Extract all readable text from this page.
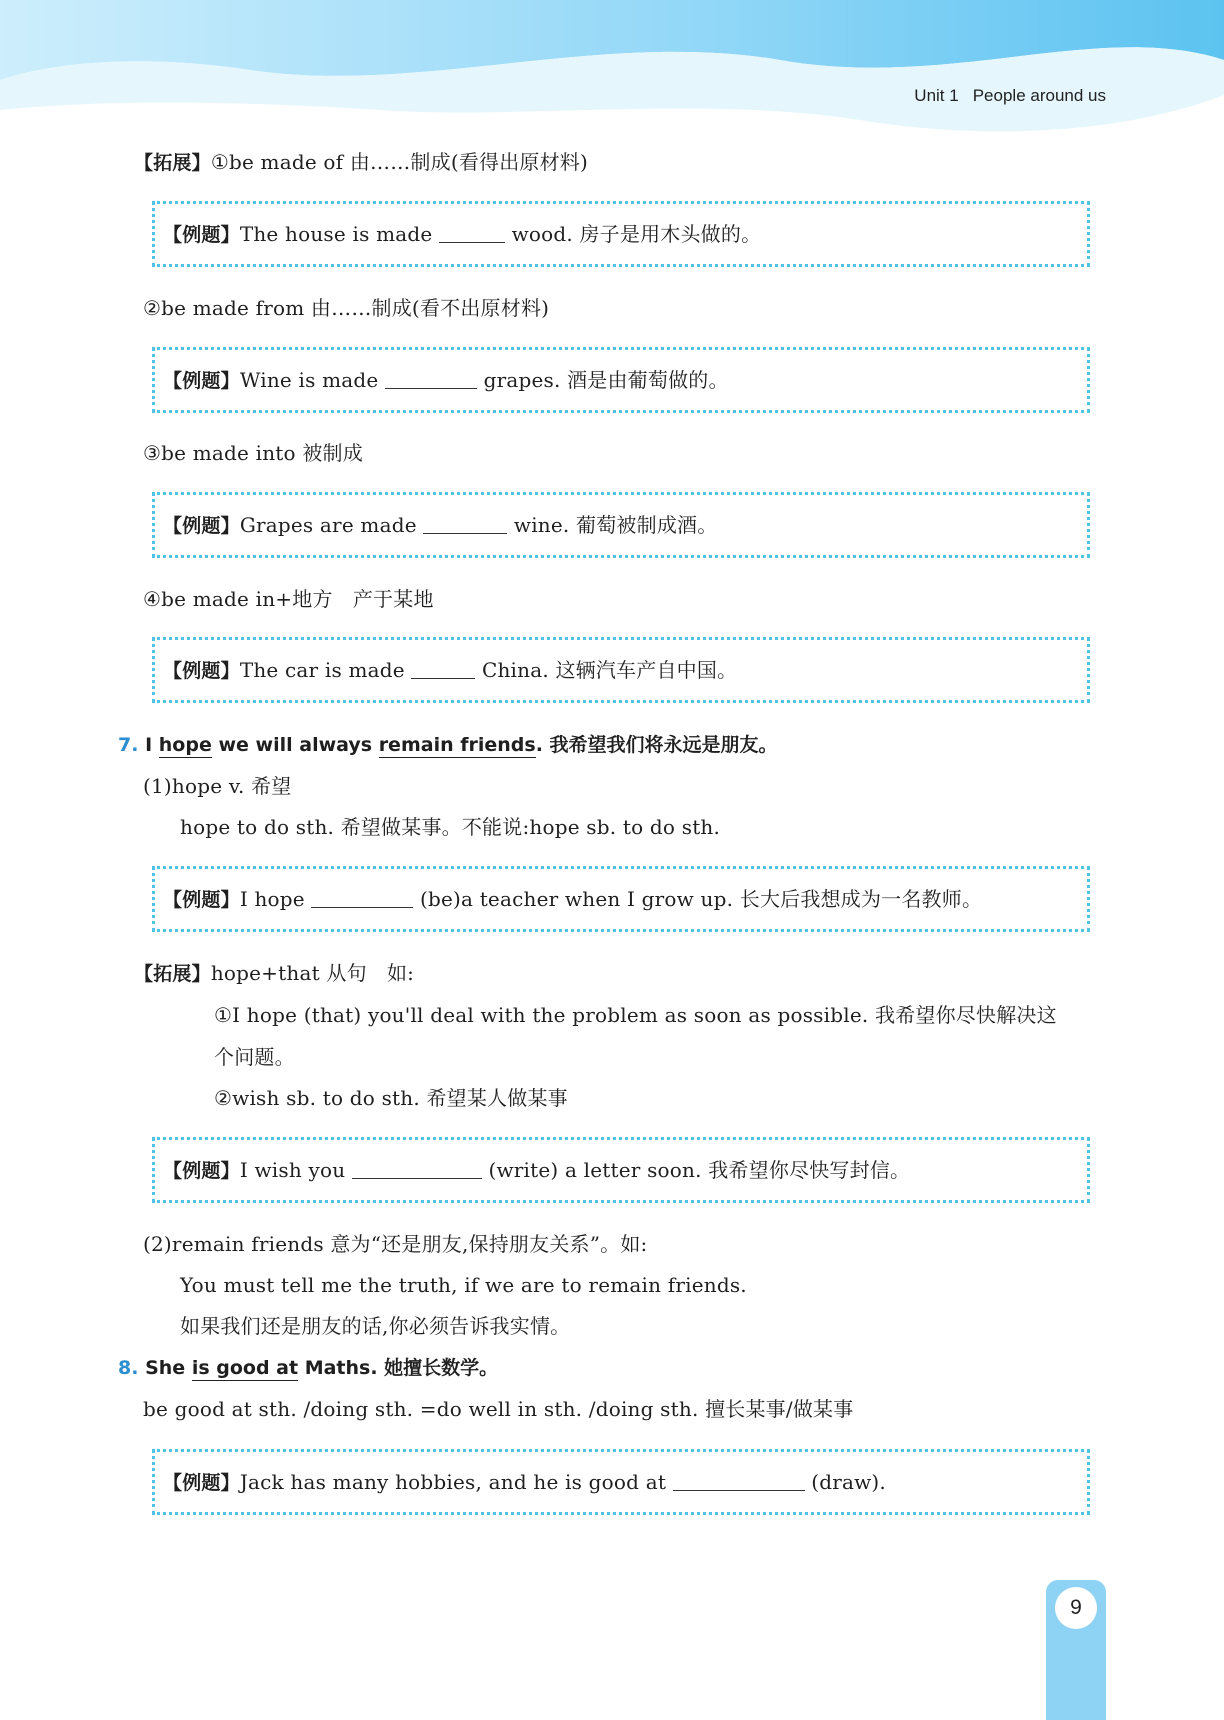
Unit 1 People around us
【拓展】①be made of 由……制成(看得出原材料)
【例题】The house is made	wood. 房子是用木头做的。
②be made from 由……制成(看不出原材料)
【例题】Wine is made	grapes. 酒是由葡萄做的。
③be made into 被制成
【例题】Grapes are made	wine. 葡萄被制成酒。
④be made in+地方　产于某地
【例题】The car is made	China. 这辆汽车产自中国。
7. I hope we will always remain friends. 我希望我们将永远是朋友。
(1)hope v. 希望
hope to do sth. 希望做某事。不能说:hope sb. to do sth.
【例题】I hope	(be)a teacher when I grow up. 长大后我想成为一名教师。
【拓展】hope+that 从句　如:
①I hope (that) you'll deal with the problem as soon as possible. 我希望你尽快解决这
个问题。
②wish sb. to do sth. 希望某人做某事
【例题】I wish you	(write) a letter soon. 我希望你尽快写封信。
(2)remain friends 意为“还是朋友,保持朋友关系”。如:
You must tell me the truth, if we are to remain friends.
如果我们还是朋友的话,你必须告诉我实情。
8. She is good at Maths. 她擅长数学。
be good at sth. /doing sth. =do well in sth. /doing sth. 擅长某事/做某事
【例题】Jack has many hobbies, and he is good at	(draw).
9
